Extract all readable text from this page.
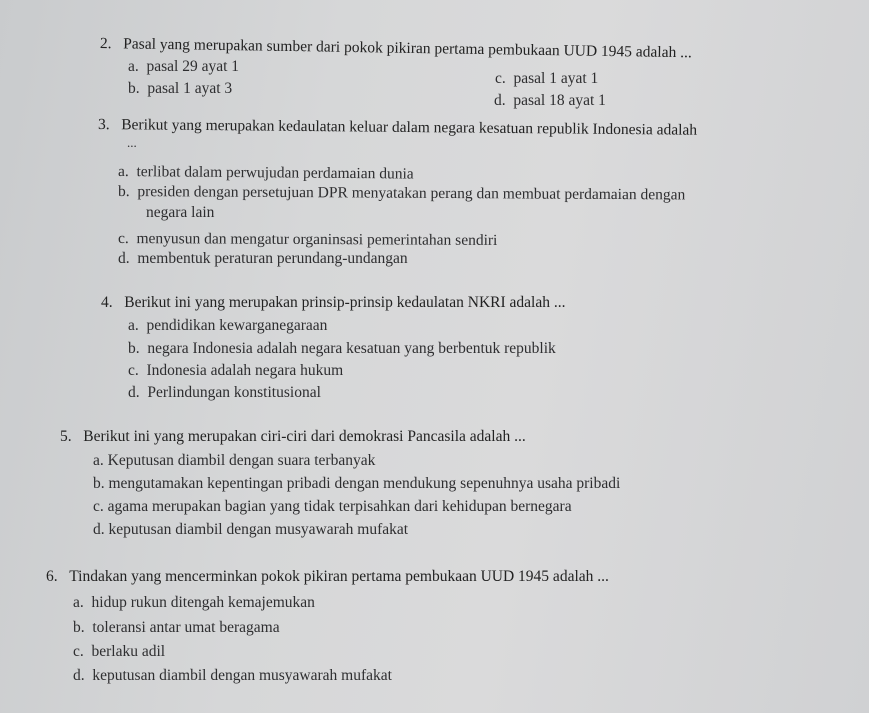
2. Pasal yang merupakan sumber dari pokok pikiran pertama pembukaan UUD 1945 adalah ...
a. pasal 29 ayat 1
b. pasal 1 ayat 3
c. pasal 1 ayat 1
d. pasal 18 ayat 1
3. Berikut yang merupakan kedaulatan keluar dalam negara kesatuan republik Indonesia adalah
...
a. terlibat dalam perwujudan perdamaian dunia
b. presiden dengan persetujuan DPR menyatakan perang dan membuat perdamaian dengan
negara lain
c. menyusun dan mengatur organinsasi pemerintahan sendiri
d. membentuk peraturan perundang-undangan
4. Berikut ini yang merupakan prinsip-prinsip kedaulatan NKRI adalah ...
a. pendidikan kewarganegaraan
b. negara Indonesia adalah negara kesatuan yang berbentuk republik
c. Indonesia adalah negara hukum
d. Perlindungan konstitusional
5. Berikut ini yang merupakan ciri-ciri dari demokrasi Pancasila adalah ...
a. Keputusan diambil dengan suara terbanyak
b. mengutamakan kepentingan pribadi dengan mendukung sepenuhnya usaha pribadi
c. agama merupakan bagian yang tidak terpisahkan dari kehidupan bernegara
d. keputusan diambil dengan musyawarah mufakat
6. Tindakan yang mencerminkan pokok pikiran pertama pembukaan UUD 1945 adalah ...
a. hidup rukun ditengah kemajemukan
b. toleransi antar umat beragama
c. berlaku adil
d. keputusan diambil dengan musyawarah mufakat
